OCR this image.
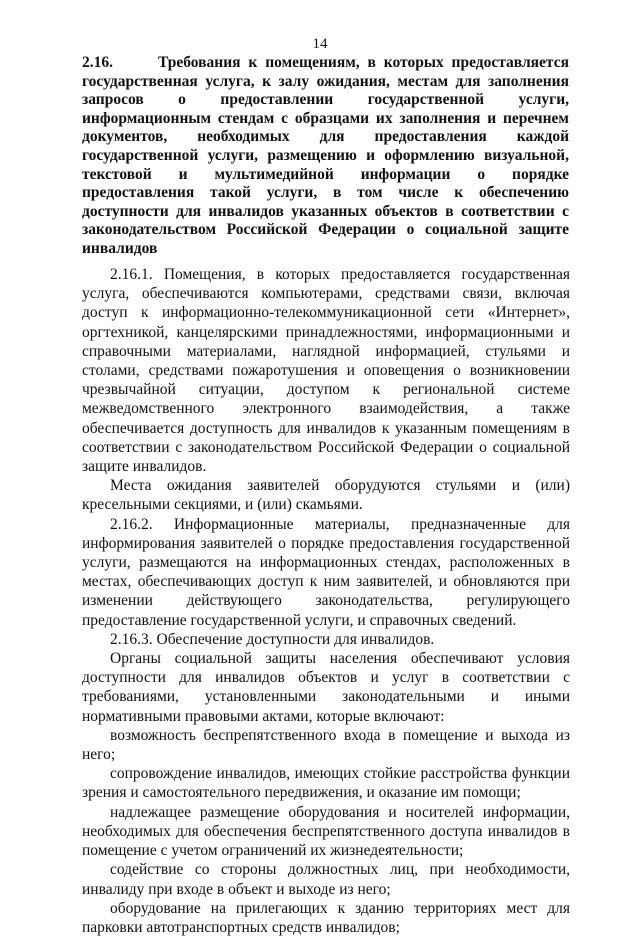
14
2.16.	Требования к помещениям, в которых предоставляется государственная услуга, к залу ожидания, местам для заполнения запросов о предоставлении государственной услуги, информационным стендам с образцами их заполнения и перечнем документов, необходимых для предоставления каждой государственной услуги, размещению и оформлению визуальной, текстовой и мультимедийной информации о порядке предоставления такой услуги, в том числе к обеспечению доступности для инвалидов указанных объектов в соответствии с законодательством Российской Федерации о социальной защите инвалидов

2.16.1. Помещения, в которых предоставляется государственная услуга, обеспечиваются компьютерами, средствами связи, включая доступ к информационно-телекоммуникационной сети «Интернет», оргтехникой, канцелярскими принадлежностями, информационными и справочными материалами, наглядной информацией, стульями и столами, средствами пожаротушения и оповещения о возникновении чрезвычайной ситуации, доступом к региональной системе межведомственного электронного взаимодействия, а также обеспечивается доступность для инвалидов к указанным помещениям в соответствии с законодательством Российской Федерации о социальной защите инвалидов.

Места ожидания заявителей оборудуются стульями и (или) кресельными секциями, и (или) скамьями.

2.16.2. Информационные материалы, предназначенные для информирования заявителей о порядке предоставления государственной услуги, размещаются на информационных стендах, расположенных в местах, обеспечивающих доступ к ним заявителей, и обновляются при изменении действующего законодательства, регулирующего предоставление государственной услуги, и справочных сведений.

2.16.3. Обеспечение доступности для инвалидов.

Органы социальной защиты населения обеспечивают условия доступности для инвалидов объектов и услуг в соответствии с требованиями, установленными законодательными и иными нормативными правовыми актами, которые включают:

возможность беспрепятственного входа в помещение и выхода из него;

сопровождение инвалидов, имеющих стойкие расстройства функции зрения и самостоятельного передвижения, и оказание им помощи;

надлежащее размещение оборудования и носителей информации, необходимых для обеспечения беспрепятственного доступа инвалидов в помещение с учетом ограничений их жизнедеятельности;

содействие со стороны должностных лиц, при необходимости, инвалиду при входе в объект и выходе из него;

оборудование на прилегающих к зданию территориях мест для парковки автотранспортных средств инвалидов;
